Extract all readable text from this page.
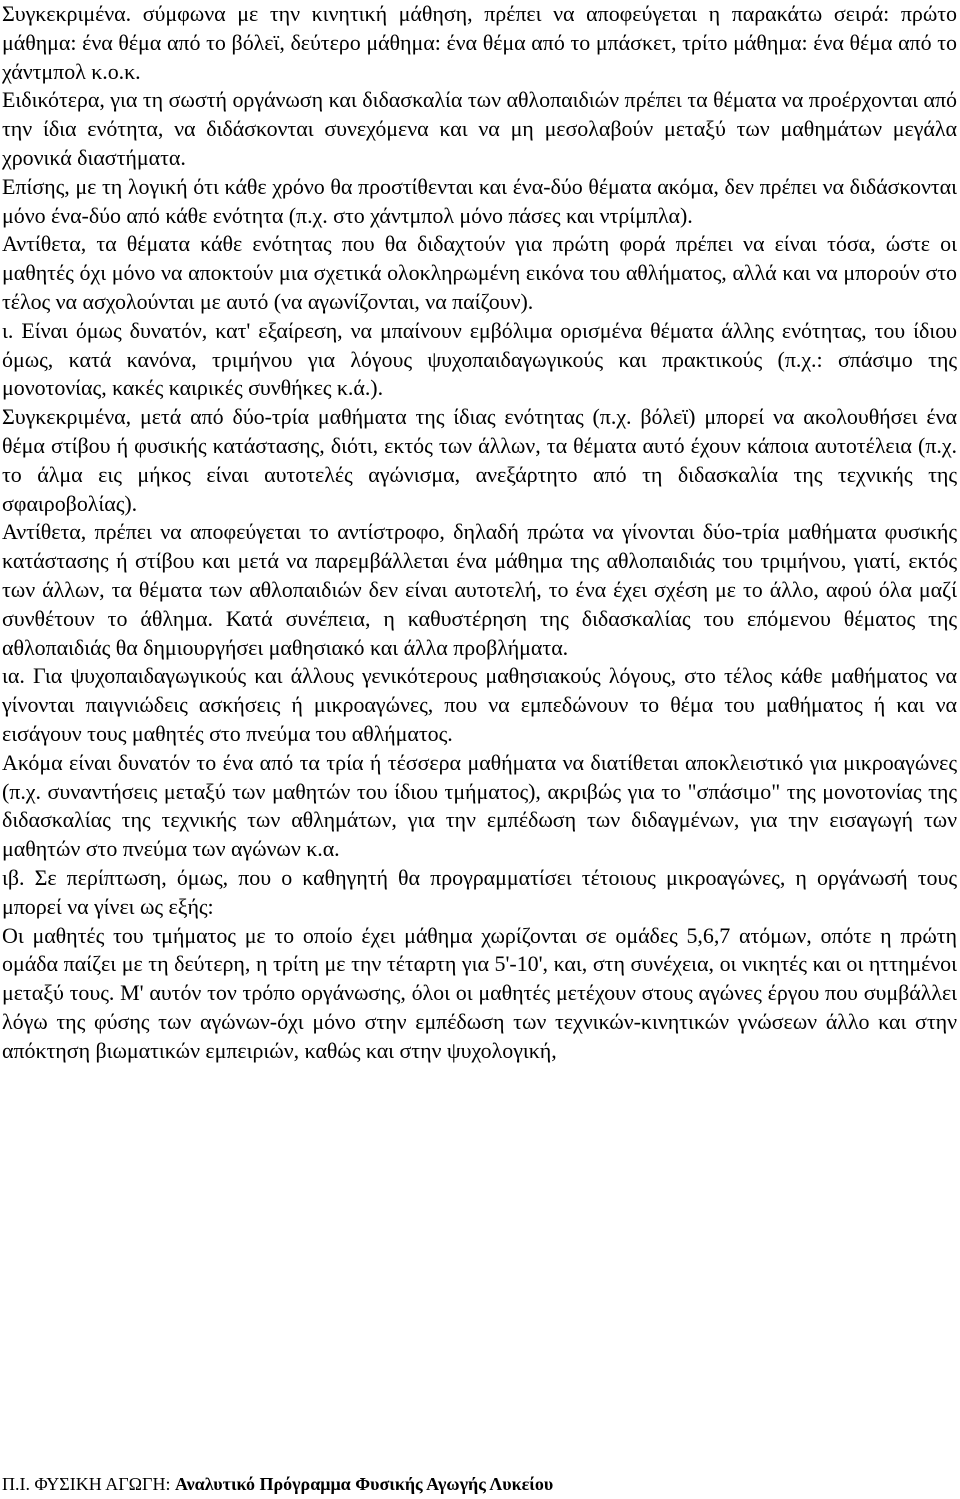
Συγκεκριμένα. σύμφωνα με την κινητική μάθηση, πρέπει να αποφεύγεται η παρακάτω σειρά: πρώτο μάθημα: ένα θέμα από το βόλεϊ, δεύτερο μάθημα: ένα θέμα από το μπάσκετ, τρίτο μάθημα: ένα θέμα από το χάντμπολ κ.ο.κ.

Ειδικότερα, για τη σωστή οργάνωση και διδασκαλία των αθλοπαιδιών πρέπει τα θέματα να προέρχονται από την ίδια ενότητα, να διδάσκονται συνεχόμενα και να μη μεσολαβούν μεταξύ των μαθημάτων μεγάλα χρονικά διαστήματα.

Επίσης, με τη λογική ότι κάθε χρόνο θα προστίθενται και ένα-δύο θέματα ακόμα, δεν πρέπει να διδάσκονται μόνο ένα-δύο από κάθε ενότητα (π.χ. στο χάντμπολ μόνο πάσες και ντρίμπλα).

Αντίθετα, τα θέματα κάθε ενότητας που θα διδαχτούν για πρώτη φορά πρέπει να είναι τόσα, ώστε οι μαθητές όχι μόνο να αποκτούν μια σχετικά ολοκληρωμένη εικόνα του αθλήματος, αλλά και να μπορούν στο τέλος να ασχολούνται με αυτό (να αγωνίζονται, να παίζουν).

ι. Είναι όμως δυνατόν, κατ' εξαίρεση, να μπαίνουν εμβόλιμα ορισμένα θέματα άλλης ενότητας, του ίδιου όμως, κατά κανόνα, τριμήνου για λόγους ψυχοπαιδαγωγικούς και πρακτικούς (π.χ.: σπάσιμο της μονοτονίας, κακές καιρικές συνθήκες κ.ά.).

Συγκεκριμένα, μετά από δύο-τρία μαθήματα της ίδιας ενότητας (π.χ. βόλεϊ) μπορεί να ακολουθήσει ένα θέμα στίβου ή φυσικής κατάστασης, διότι, εκτός των άλλων, τα θέματα αυτό έχουν κάποια αυτοτέλεια (π.χ. το άλμα εις μήκος είναι αυτοτελές αγώνισμα, ανεξάρτητο από τη διδασκαλία της τεχνικής της σφαιροβολίας).

Αντίθετα, πρέπει να αποφεύγεται το αντίστροφο, δηλαδή πρώτα να γίνονται δύο-τρία μαθήματα φυσικής κατάστασης ή στίβου και μετά να παρεμβάλλεται ένα μάθημα της αθλοπαιδιάς του τριμήνου, γιατί, εκτός των άλλων, τα θέματα των αθλοπαιδιών δεν είναι αυτοτελή, το ένα έχει σχέση με το άλλο, αφού όλα μαζί συνθέτουν το άθλημα. Κατά συνέπεια, η καθυστέρηση της διδασκαλίας του επόμενου θέματος της αθλοπαιδιάς θα δημιουργήσει μαθησιακό και άλλα προβλήματα.

ια. Για ψυχοπαιδαγωγικούς και άλλους γενικότερους μαθησιακούς λόγους, στο τέλος κάθε μαθήματος να γίνονται παιγνιώδεις ασκήσεις ή μικροαγώνες, που να εμπεδώνουν το θέμα του μαθήματος ή και να εισάγουν τους μαθητές στο πνεύμα του αθλήματος.

Ακόμα είναι δυνατόν το ένα από τα τρία ή τέσσερα μαθήματα να διατίθεται αποκλειστικό για μικροαγώνες (π.χ. συναντήσεις μεταξύ των μαθητών του ίδιου τμήματος), ακριβώς για το "σπάσιμο" της μονοτονίας της διδασκαλίας της τεχνικής των αθλημάτων, για την εμπέδωση των διδαγμένων, για την εισαγωγή των μαθητών στο πνεύμα των αγώνων κ.α.

ιβ. Σε περίπτωση, όμως, που ο καθηγητή θα προγραμματίσει τέτοιους μικροαγώνες, η οργάνωσή τους μπορεί να γίνει ως εξής:

Οι μαθητές του τμήματος με το οποίο έχει μάθημα χωρίζονται σε ομάδες 5,6,7 ατόμων, οπότε η πρώτη ομάδα παίζει με τη δεύτερη, η τρίτη με την τέταρτη για 5'-10', και, στη συνέχεια, οι νικητές και οι ηττημένοι μεταξύ τους. Μ' αυτόν τον τρόπο οργάνωσης, όλοι οι μαθητές μετέχουν στους αγώνες έργου που συμβάλλει λόγω της φύσης των αγώνων-όχι μόνο στην εμπέδωση των τεχνικών-κινητικών γνώσεων άλλο και στην απόκτηση βιωματικών εμπειριών, καθώς και στην ψυχολογική,

Π.Ι. ΦΥΣΙΚΗ ΑΓΩΓΗ: Αναλυτικό Πρόγραμμα Φυσικής Αγωγής Λυκείου
